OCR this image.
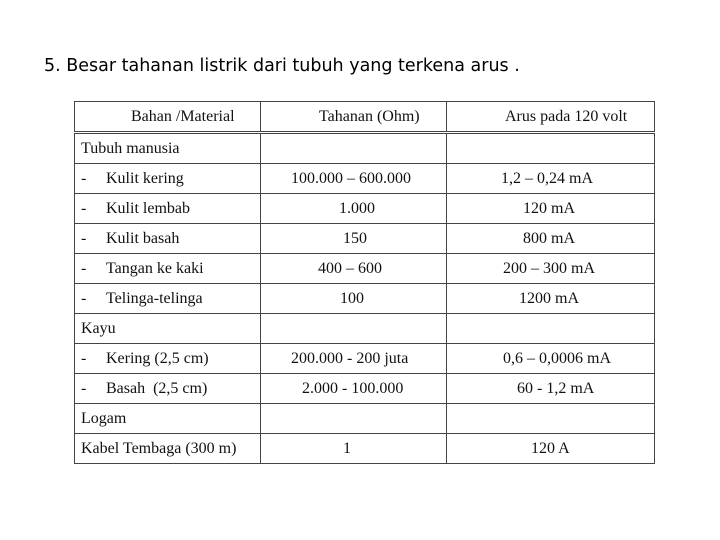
5. Besar tahanan listrik dari tubuh yang terkena arus .
Bahan /Material	Tahanan (Ohm)	Arus pada 120 volt
Tubuh manusia		
- Kulit kering	100.000 – 600.000	1,2 – 0,24 mA
- Kulit lembab	1.000	120 mA
- Kulit basah	150	800 mA
- Tangan ke kaki	400 – 600	200 – 300 mA
- Telinga-telinga	100	1200 mA
Kayu		
- Kering (2,5 cm)	200.000 - 200 juta	0,6 – 0,0006 mA
- Basah  (2,5 cm)	2.000 - 100.000	60 - 1,2 mA
Logam		
Kabel Tembaga (300 m)	1	120 A
